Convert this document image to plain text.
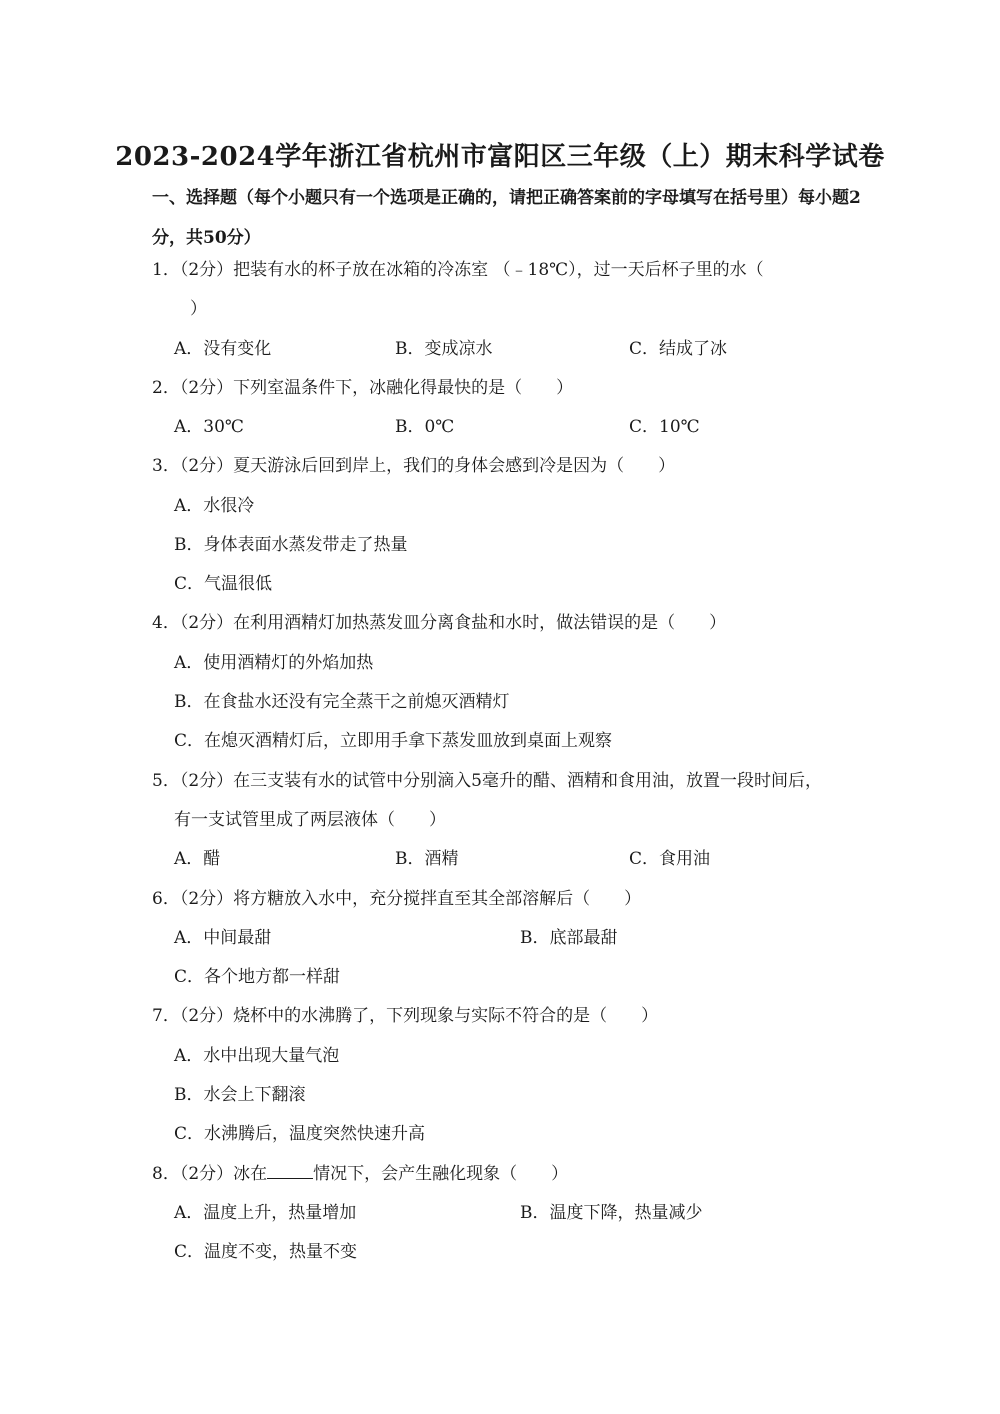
2023-2024学年浙江省杭州市富阳区三年级（上）期末科学试卷
一、选择题（每个小题只有一个选项是正确的，请把正确答案前的字母填写在括号里）每小题2分，共50分）
1．（2分）把装有水的杯子放在冰箱的冷冻室 （﹣18℃），过一天后杯子里的水（
）
A．没有变化	B．变成凉水	C．结成了冰
2．（2分）下列室温条件下，冰融化得最快的是（　　）
A．30℃	B．0℃	C．10℃
3．（2分）夏天游泳后回到岸上，我们的身体会感到冷是因为（　　）
A．水很冷
B．身体表面水蒸发带走了热量
C．气温很低
4．（2分）在利用酒精灯加热蒸发皿分离食盐和水时，做法错误的是（　　）
A．使用酒精灯的外焰加热
B．在食盐水还没有完全蒸干之前熄灭酒精灯
C．在熄灭酒精灯后，立即用手拿下蒸发皿放到桌面上观察
5．（2分）在三支装有水的试管中分别滴入5毫升的醋、酒精和食用油，放置一段时间后，
有一支试管里成了两层液体（　　）
A．醋	B．酒精	C．食用油
6．（2分）将方糖放入水中，充分搅拌直至其全部溶解后（　　）
A．中间最甜	B．底部最甜
C．各个地方都一样甜
7．（2分）烧杯中的水沸腾了，下列现象与实际不符合的是（　　）
A．水中出现大量气泡
B．水会上下翻滚
C．水沸腾后，温度突然快速升高
8．（2分）冰在	情况下，会产生融化现象（　　）
A．温度上升，热量增加	B．温度下降，热量减少
C．温度不变，热量不变
